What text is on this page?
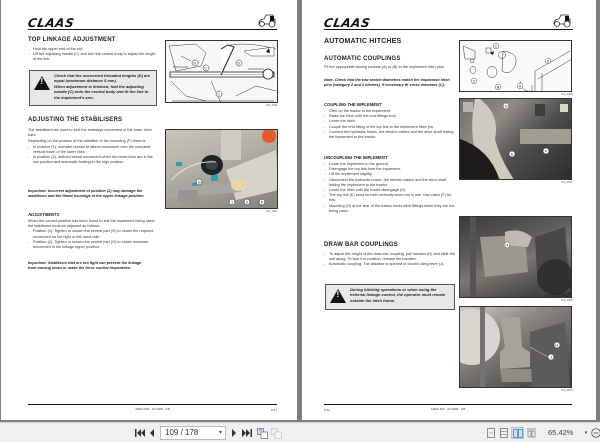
CLAAS
TOP LINKAGE ADJUSTMENT
- Hold the upper end of the rod.
- Lift the adjusting handle (C) and turn the central body to adjust the length of the link.
!
Check that the uncovered threaded lengths (D) are equal (maximum distance 5 mm).
When adjustment is finished, fold the adjusting handle (C) onto the central body and fit the link to the implement's arm.
D	D
C
C
S10_0401
ADJUSTING THE STABILISERS
The stabilisers are used to limit the sideways movement of the lower hitch bars.
Depending on the position of the stabiliser in the mounting (F) there is:
- In position (1), constant control of lateral movement over the complete vertical travel of the lower links ;
- In position (2), defined lateral movement when the lower links are in the low position and automatic locking in the high position.
Important: Incorrect adjustment of position (2) may damage the stabilisers and the flared housings at the upper linkage position.
G
1	2	F
S10_0402
ADJUSTMENTS
When the correct position has been found to suit the implement being used, the stabilisers must be adjusted as follows:
- Position (1): Tighten or loosen the central part (G) to obtain the required movement on the right or left-hand side ;
- Position (2): Tighten or loosen the central part (G) to obtain minimum movement in the linkage upper position.
Important: Stabilisers that are too tight can prevent the linkage from moving down or make the force control inoperative.
ARES 606 - 02.2008 - GB	8.21
CLAAS
AUTOMATIC HITCHES
AUTOMATIC COUPLINGS
Fit the appropriate towing sockets (A) or (B) to the implement hitch pins.
Note- Check that the tow socket diameters match the implement hitch pins (category 2 and 3 hitches). If necessary fit cross members (C).
COUPLING THE IMPLEMENT
- Offer up the tractor to the implement.
- Raise the hitch until the end fittings lock.
- Lower the hitch.
- Couple the end fitting of the top link to the implement hitch pin.
- Connect the hydraulic hoses, the electric cables and the drive shaft linking the implement to the tractor.
UNCOUPLING THE IMPLEMENT
- Lower the implement to the ground.
- Disengage the top link from the implement.
- Lift the implement slightly.
- Disconnect the hydraulic hoses, the electric cables and the drive shaft linking the implement to the tractor.
- Lower the hitch until the hooks disengage (D).
- The top link (E) must be held vertically when not in use. Use catch (F) for this.
- Mounting (G) at the rear of the tractor holds hitch fittings when they are not being used.
DRAW BAR COUPLINGS
- To adjust the height of the draw-bar coupling, pull handles (H) and slide the unit along. To lock it in position, release the handles.
- Automatic coupling: The drawbar is opened or closed using lever (J).
!
During hitching operations or when using the external linkage control, the operator must remain outside the hitch frame.
C
C
B	A
D
S10_0403
G
E
F
S10_0404
H
S10_0405
H
J
S10_0406
ARES 606 - 02.2008 - GB
8.22
109 / 178	▾	65.42%	▾
